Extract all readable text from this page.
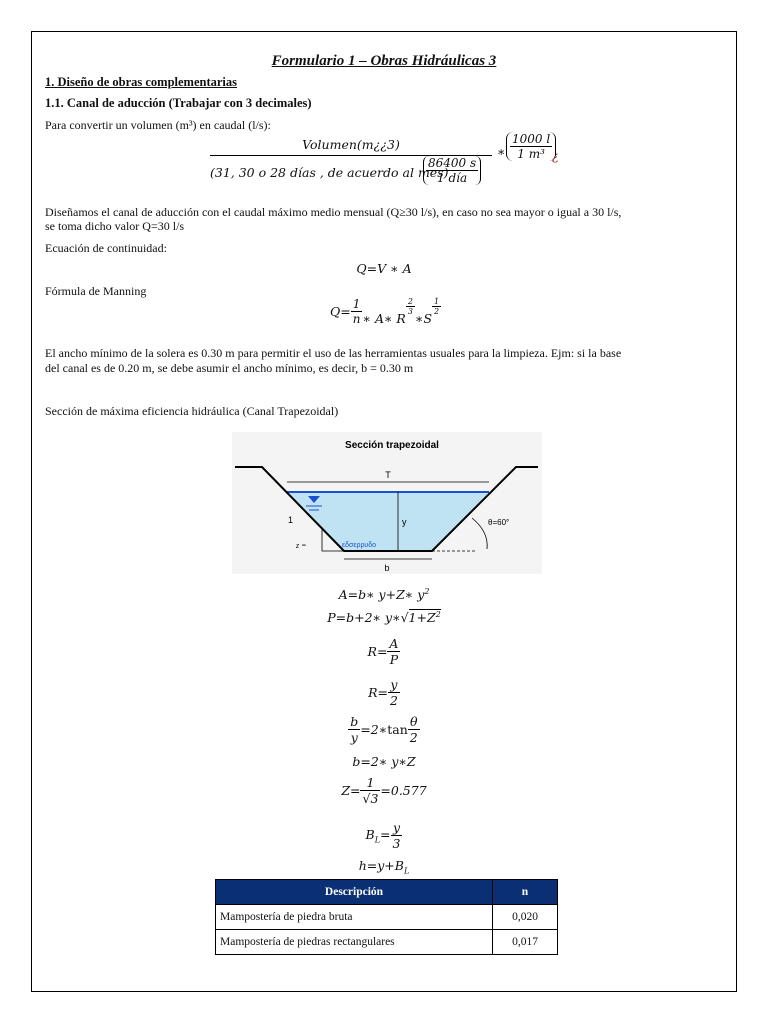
Formulario 1 – Obras Hidráulicas 3
1. Diseño de obras complementarias
1.1. Canal de aducción (Trabajar con 3 decimales)
Para convertir un volumen (m³) en caudal (l/s):
Volumen(m¿¿3)
(31, 30 o 28 días , de acuerdo al mes)
$\frac{86400 s}{\text{1 día}}$
∗ $\frac{1000 l}{\text{1 m³}}$ ¿
Diseñamos el canal de aducción con el caudal máximo medio mensual (Q≥30 l/s), en caso no sea mayor o igual a 30 l/s,
se toma dicho valor Q=30 l/s
Ecuación de continuidad:
Q=V ∗ A
Fórmula de Manning
$Q= \frac{1}{n}$ ∗ A∗ R
$^{\frac{2}{3}}$
∗S
$^{\frac{1}{2}}$
El ancho mínimo de la solera es 0.30 m para permitir el uso de las herramientas usuales para la limpieza. Ejm: si la base
del canal es de 0.20 m, se debe asumir el ancho mínimo, es decir, b = 0.30 m
Sección de máxima eficiencia hidráulica (Canal Trapezoidal)
Sección trapezoidal
T
y
b
1
z =	εδσερρυδο
θ=60°
A=b∗ y+Z∗ $y^2$
P=b+2∗ $y∗√1+Z^2$
$R= \frac{A}{P}$
$R= \frac{y}{2}$
$\frac{b}{y}$ =2∗tan $\frac{\theta}{2}$
b=2∗ y∗Z
$Z= \frac{1}{√3} =0.577$
$B_L= \frac{y}{3}$
$h=y+B_L$
Descripción	n
Mampostería de piedra bruta	0,020
Mampostería de piedras rectangulares	0,017
